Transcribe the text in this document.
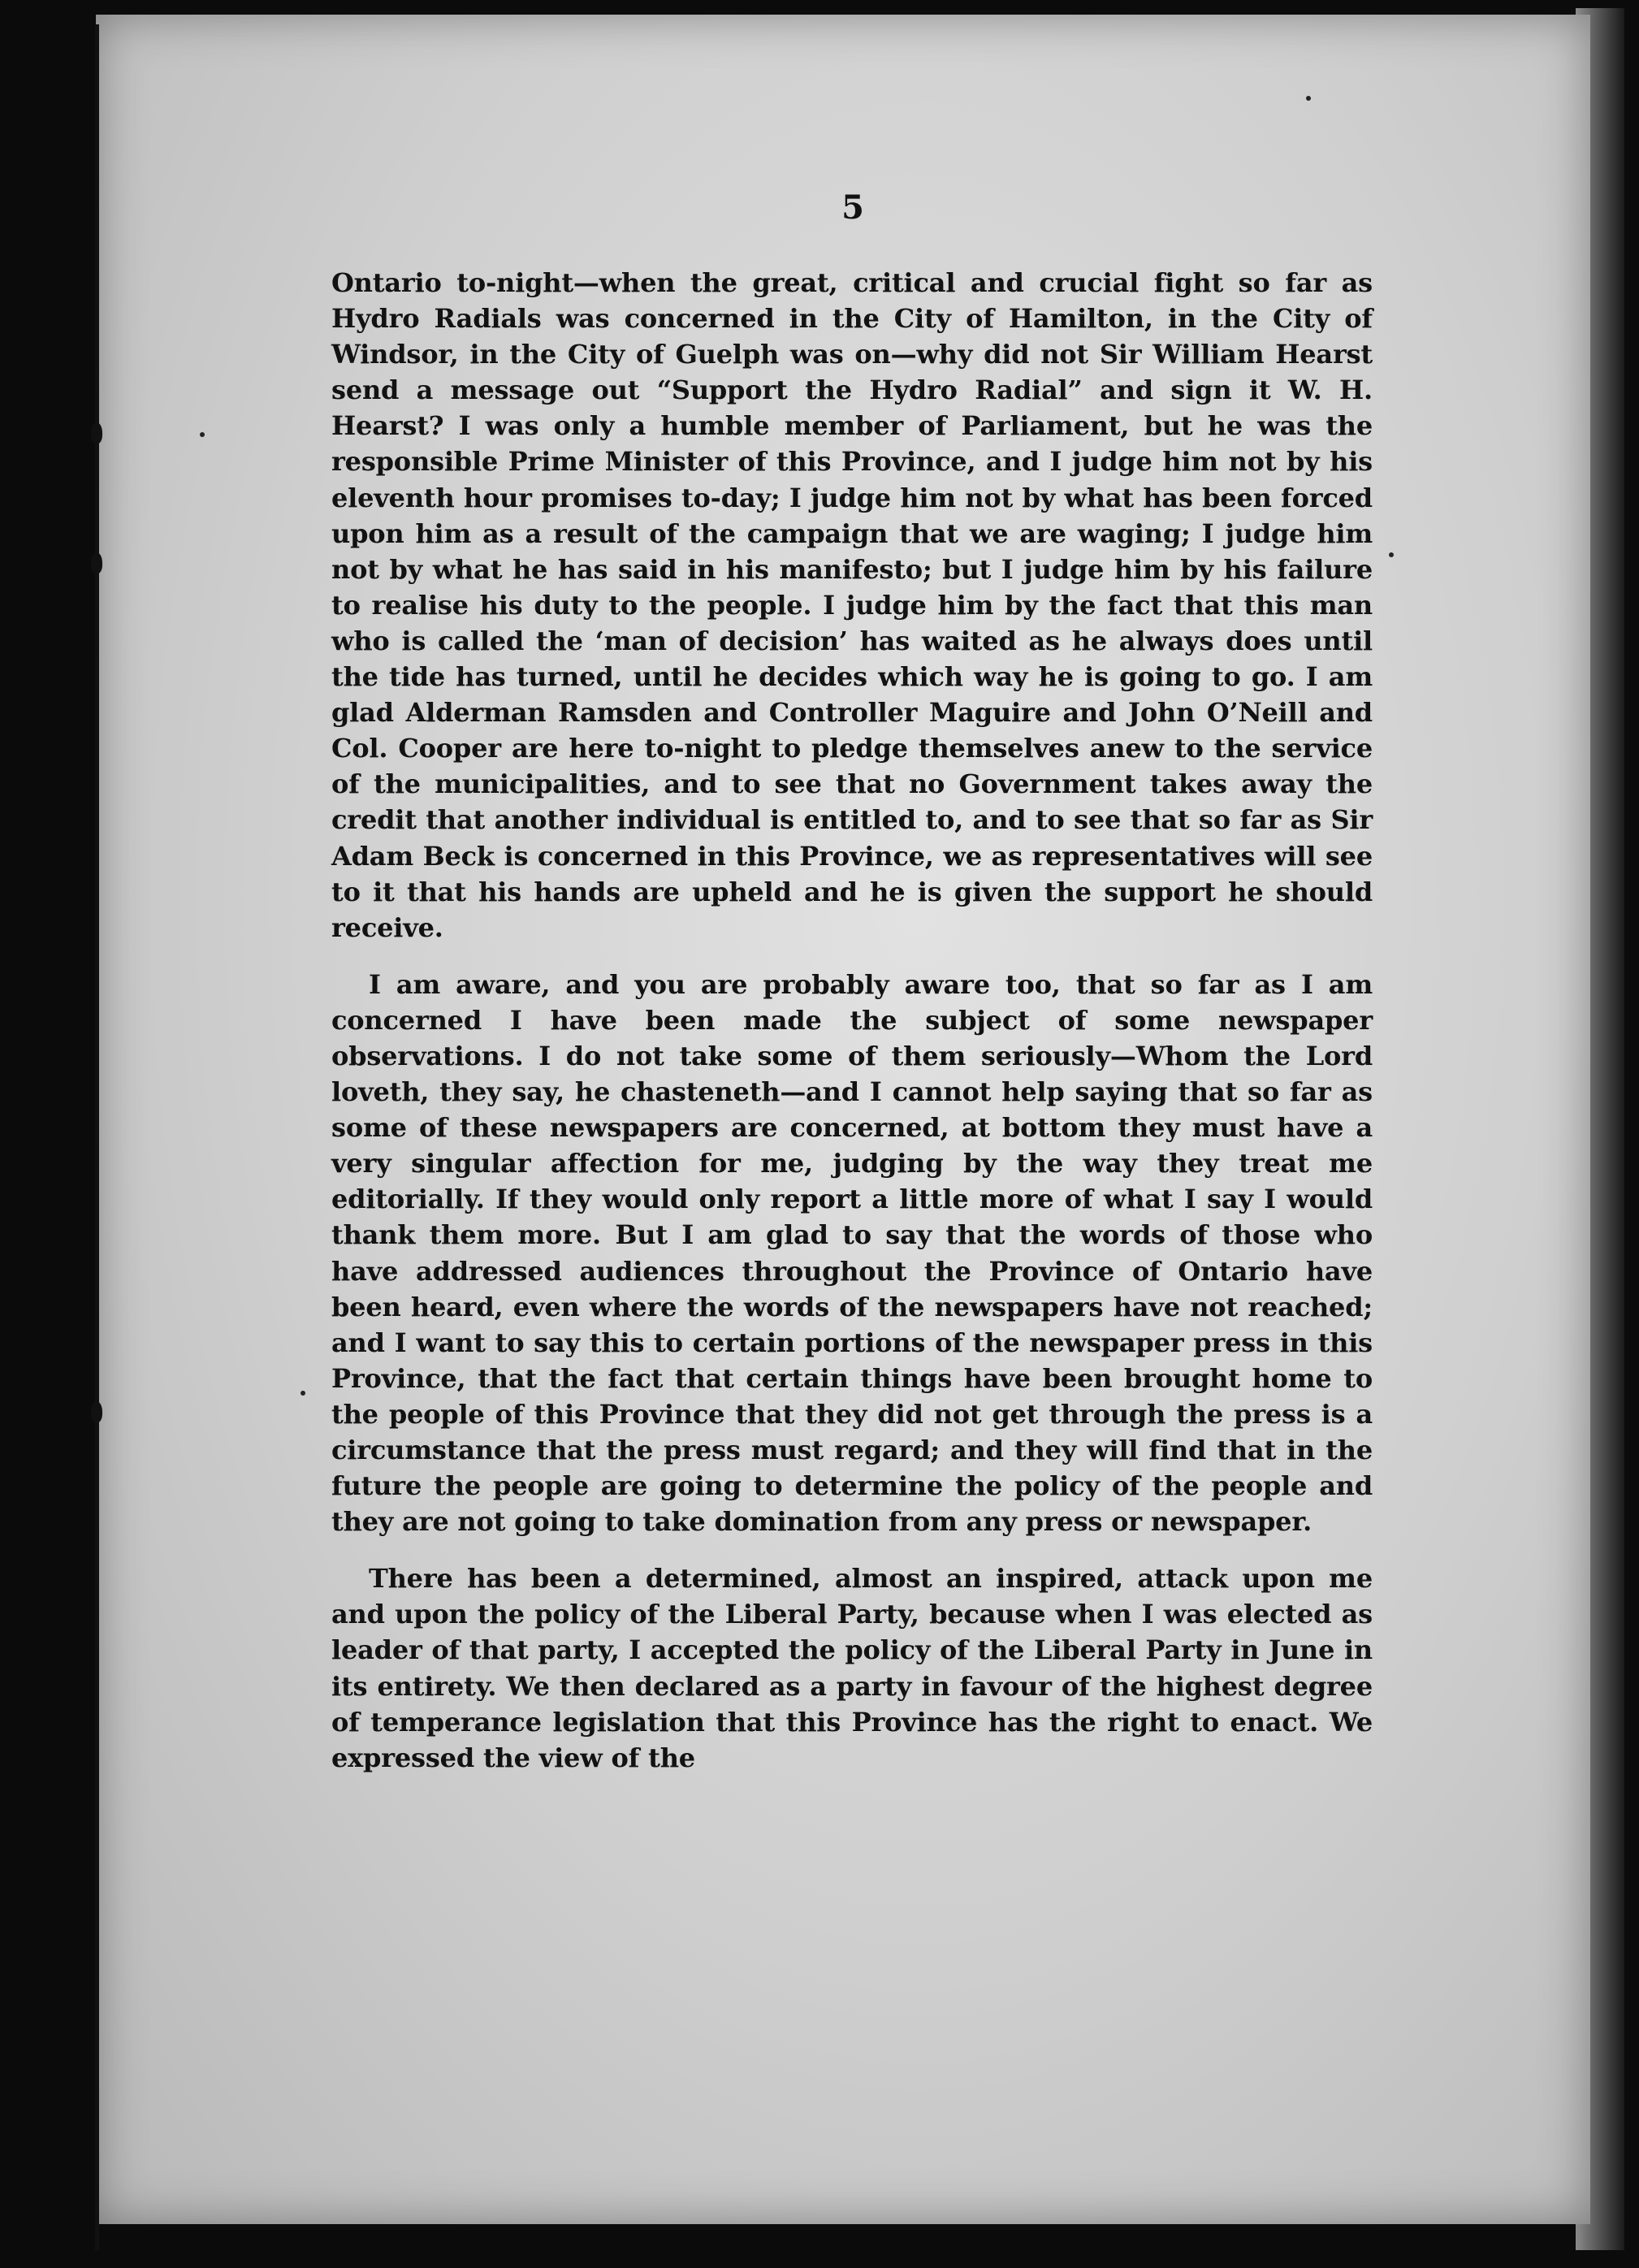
5

Ontario to-night—when the great, critical and crucial fight so far as Hydro Radials was concerned in the City of Hamilton, in the City of Windsor, in the City of Guelph was on—why did not Sir William Hearst send a message out “Support the Hydro Radial” and sign it W. H. Hearst? I was only a humble member of Parliament, but he was the responsible Prime Minister of this Province, and I judge him not by his eleventh hour promises to-day; I judge him not by what has been forced upon him as a result of the campaign that we are waging; I judge him not by what he has said in his manifesto; but I judge him by his failure to realise his duty to the people. I judge him by the fact that this man who is called the ‘man of decision’ has waited as he always does until the tide has turned, until he decides which way he is going to go. I am glad Alderman Ramsden and Controller Maguire and John O’Neill and Col. Cooper are here to-night to pledge themselves anew to the service of the municipalities, and to see that no Government takes away the credit that another individual is entitled to, and to see that so far as Sir Adam Beck is concerned in this Province, we as representatives will see to it that his hands are upheld and he is given the support he should receive.

I am aware, and you are probably aware too, that so far as I am concerned I have been made the subject of some newspaper observations. I do not take some of them seriously—Whom the Lord loveth, they say, he chasteneth—and I cannot help saying that so far as some of these newspapers are concerned, at bottom they must have a very singular affection for me, judging by the way they treat me editorially. If they would only report a little more of what I say I would thank them more. But I am glad to say that the words of those who have addressed audiences throughout the Province of Ontario have been heard, even where the words of the newspapers have not reached; and I want to say this to certain portions of the newspaper press in this Province, that the fact that certain things have been brought home to the people of this Province that they did not get through the press is a circumstance that the press must regard; and they will find that in the future the people are going to determine the policy of the people and they are not going to take domination from any press or newspaper.

There has been a determined, almost an inspired, attack upon me and upon the policy of the Liberal Party, because when I was elected as leader of that party, I accepted the policy of the Liberal Party in June in its entirety. We then declared as a party in favour of the highest degree of temperance legislation that this Province has the right to enact. We expressed the view of the
